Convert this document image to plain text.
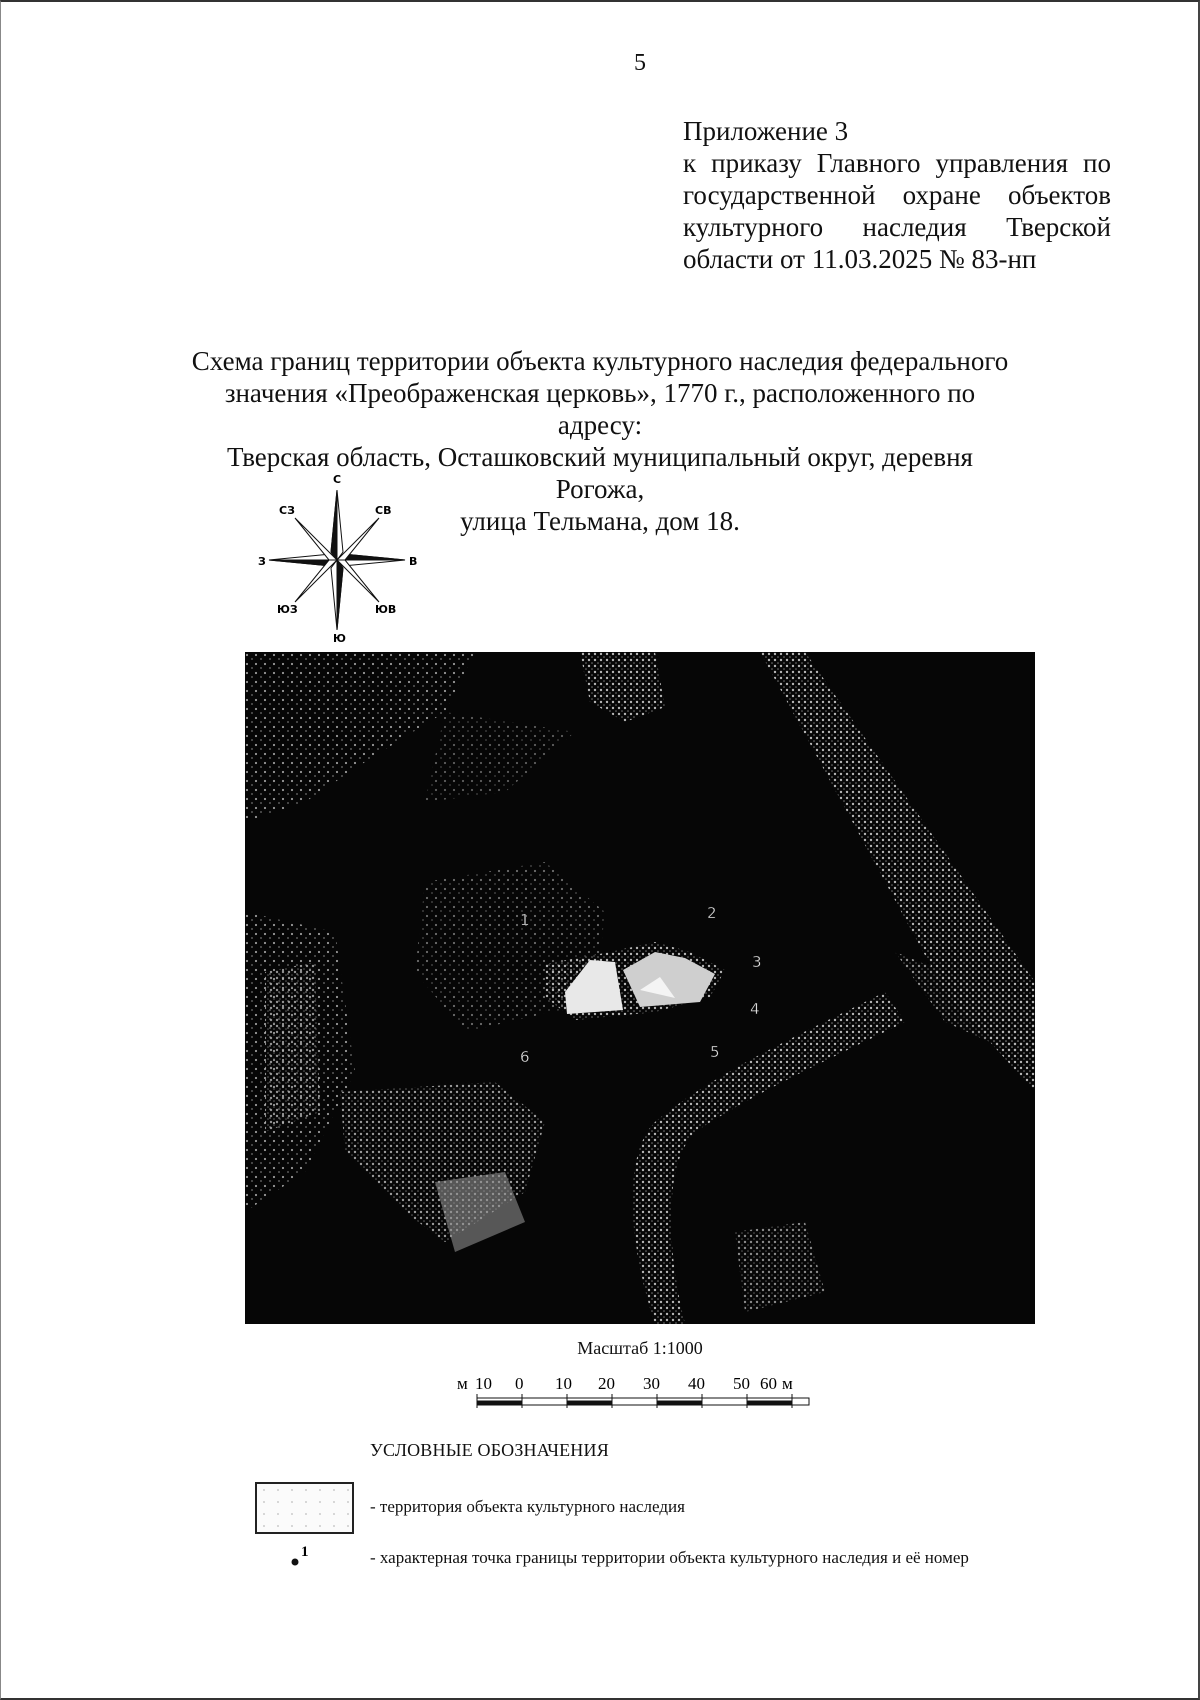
5
Приложение 3
к приказу Главного управления по
государственной охране объектов
культурного наследия Тверской
области от 11.03.2025 № 83-нп
Схема границ территории объекта культурного наследия федерального
значения «Преображенская церковь», 1770 г., расположенного по адресу:
Тверская область, Осташковский муниципальный округ, деревня Рогожа,
улица Тельмана, дом 18.
С
СВ
В
ЮВ
Ю
ЮЗ
З
СЗ
1	2
3
4
5
6
Масштаб 1:1000
м 10 0 10 20 30 40 50 60 м
УСЛОВНЫЕ ОБОЗНАЧЕНИЯ
- территория объекта культурного наследия
1	- характерная точка границы территории объекта культурного наследия и её номер
